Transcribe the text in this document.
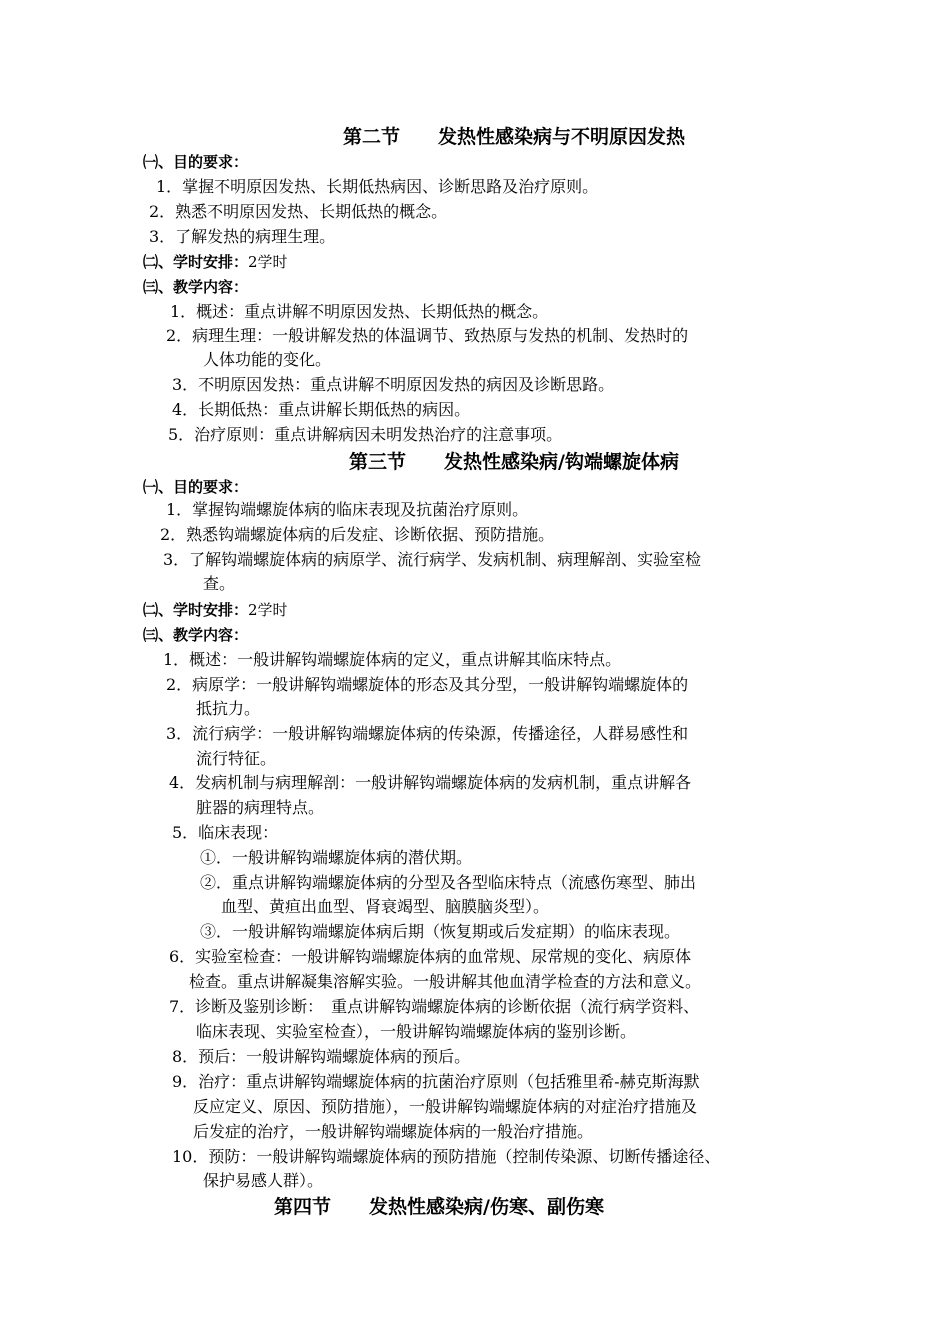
第二节　　发热性感染病与不明原因发热
㈠、目的要求：
1．掌握不明原因发热、长期低热病因、诊断思路及治疗原则。
2．熟悉不明原因发热、长期低热的概念。
3．了解发热的病理生理。
㈡、学时安排：2学时
㈢、教学内容：
1．概述：重点讲解不明原因发热、长期低热的概念。
2．病理生理：一般讲解发热的体温调节、致热原与发热的机制、发热时的
人体功能的变化。
3．不明原因发热：重点讲解不明原因发热的病因及诊断思路。
4．长期低热：重点讲解长期低热的病因。
5．治疗原则：重点讲解病因未明发热治疗的注意事项。
第三节　　发热性感染病/钩端螺旋体病
㈠、目的要求：
1．掌握钩端螺旋体病的临床表现及抗菌治疗原则。
2．熟悉钩端螺旋体病的后发症、诊断依据、预防措施。
3．了解钩端螺旋体病的病原学、流行病学、发病机制、病理解剖、实验室检
查。
㈡、学时安排：2学时
㈢、教学内容：
1．概述：一般讲解钩端螺旋体病的定义，重点讲解其临床特点。
2．病原学：一般讲解钩端螺旋体的形态及其分型，一般讲解钩端螺旋体的
抵抗力。
3．流行病学：一般讲解钩端螺旋体病的传染源，传播途径，人群易感性和
流行特征。
4．发病机制与病理解剖：一般讲解钩端螺旋体病的发病机制，重点讲解各
脏器的病理特点。
5．临床表现：
①．一般讲解钩端螺旋体病的潜伏期。
②．重点讲解钩端螺旋体病的分型及各型临床特点（流感伤寒型、肺出
血型、黄疸出血型、肾衰竭型、脑膜脑炎型）。
③．一般讲解钩端螺旋体病后期（恢复期或后发症期）的临床表现。
6．实验室检查：一般讲解钩端螺旋体病的血常规、尿常规的变化、病原体
检查。重点讲解凝集溶解实验。一般讲解其他血清学检查的方法和意义。
7．诊断及鉴别诊断：　重点讲解钩端螺旋体病的诊断依据（流行病学资料、
临床表现、实验室检查），一般讲解钩端螺旋体病的鉴别诊断。
8．预后：一般讲解钩端螺旋体病的预后。
9．治疗：重点讲解钩端螺旋体病的抗菌治疗原则（包括雅里希-赫克斯海默
反应定义、原因、预防措施），一般讲解钩端螺旋体病的对症治疗措施及
后发症的治疗，一般讲解钩端螺旋体病的一般治疗措施。
10．预防：一般讲解钩端螺旋体病的预防措施（控制传染源、切断传播途径、
保护易感人群）。
第四节　　发热性感染病/伤寒、副伤寒
